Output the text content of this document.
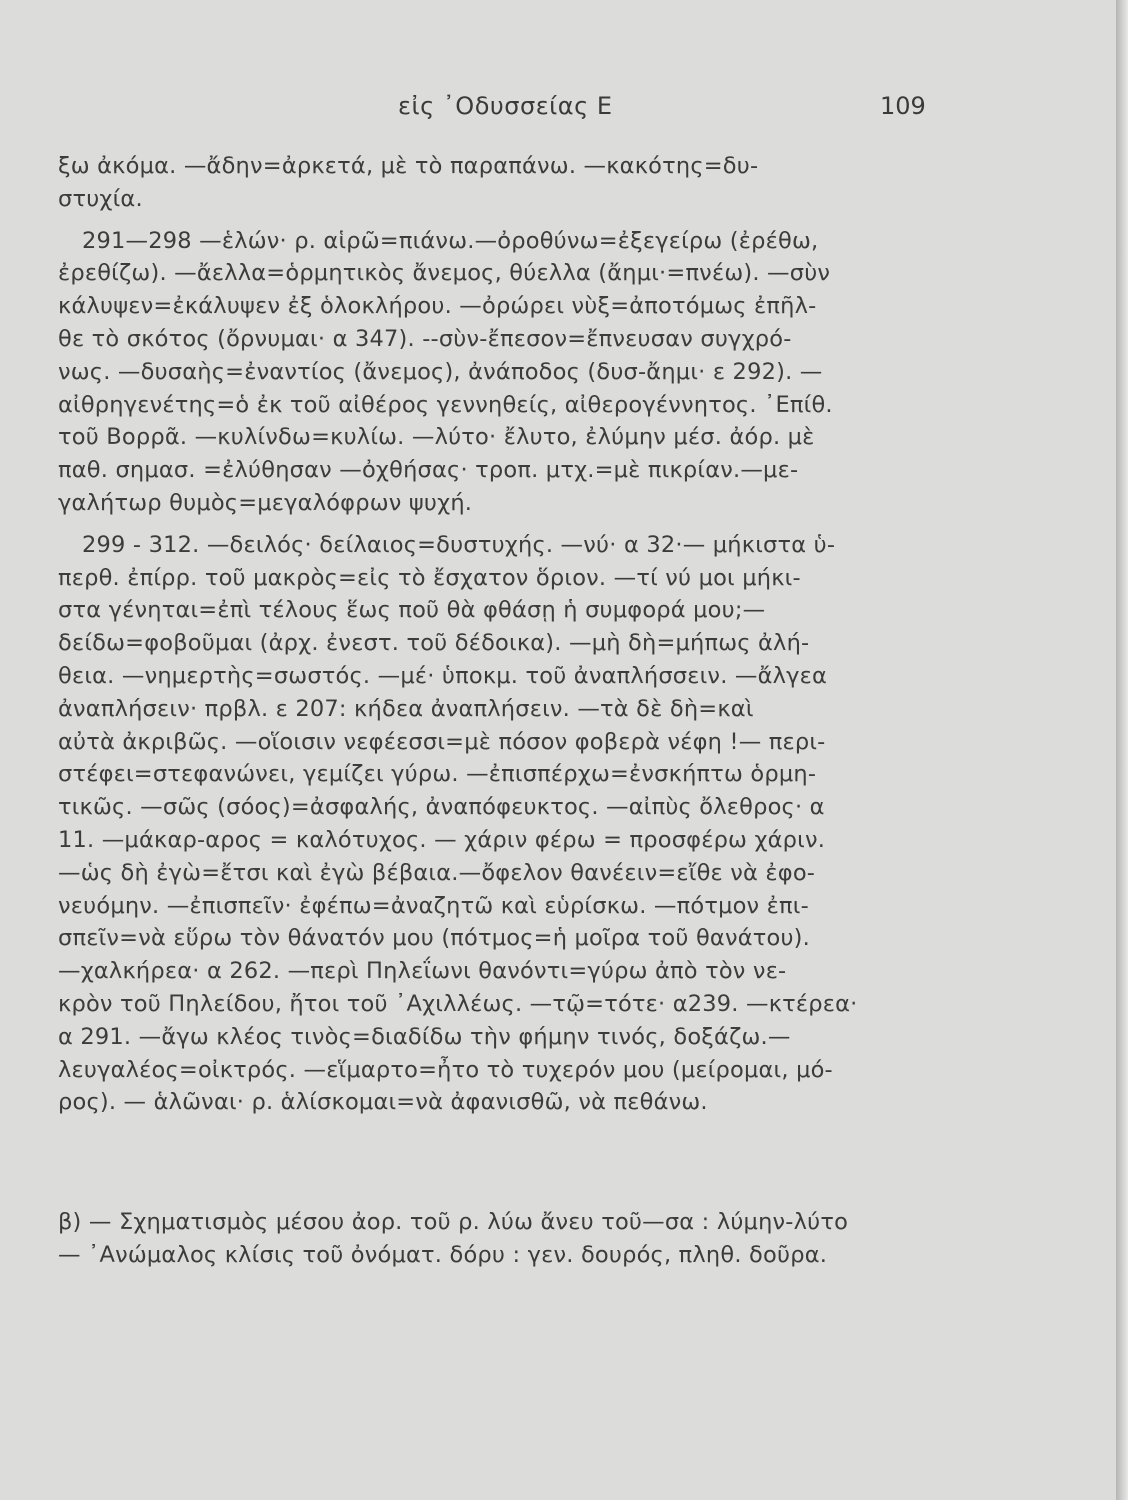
εἰς ᾿Οδυσσείας Ε	109
ξω ἀκόμα. —ἄδην=ἀρκετά, μὲ τὸ παραπάνω. —κακότης=δυ-
στυχία.
291—298 —ἑλών· ρ. αἱρῶ=πιάνω.—ὀροθύνω=ἐξεγείρω (ἐρέθω,
ἐρεθίζω). —ἄελλα=ὁρμητικὸς ἄνεμος, θύελλα (ἄημι·=πνέω). —σὺν
κάλυψεν=ἐκάλυψεν ἐξ ὁλοκλήρου. —ὀρώρει νὺξ=ἀποτόμως ἐπῆλ-
θε τὸ σκότος (ὄρνυμαι· α 347). --σὺν-ἔπεσον=ἔπνευσαν συγχρό-
νως. —δυσαὴς=ἐναντίος (ἄνεμος), ἀνάποδος (δυσ-ἄημι· ε 292). —
αἰθρηγενέτης=ὁ ἐκ τοῦ αἰθέρος γεννηθείς, αἰθερογέννητος. ᾿Επίθ.
τοῦ Βορρᾶ. —κυλίνδω=κυλίω. —λύτο· ἔλυτο, ἐλύμην μέσ. ἀόρ. μὲ
παθ. σημασ. =ἐλύθησαν —ὀχθήσας· τροπ. μτχ.=μὲ πικρίαν.—με-
γαλήτωρ θυμὸς=μεγαλόφρων ψυχή.
299 - 312. —δειλός· δείλαιος=δυστυχής. —νύ· α 32·— μήκιστα ὑ-
περθ. ἐπίρρ. τοῦ μακρὸς=εἰς τὸ ἔσχατον ὅριον. —τί νύ μοι μήκι-
στα γένηται=ἐπὶ τέλους ἕως ποῦ θὰ φθάσῃ ἡ συμφορά μου;—
δείδω=φοβοῦμαι (ἀρχ. ἐνεστ. τοῦ δέδοικα). —μὴ δὴ=μήπως ἀλή-
θεια. —νημερτὴς=σωστός. —μέ· ὑποκμ. τοῦ ἀναπλήσσειν. —ἄλγεα
ἀναπλήσειν· πρβλ. ε 207: κήδεα ἀναπλήσειν. —τὰ δὲ δὴ=καὶ
αὐτὰ ἀκριβῶς. —οἵοισιν νεφέεσσι=μὲ πόσον φοβερὰ νέφη !— περι-
στέφει=στεφανώνει, γεμίζει γύρω. —ἐπισπέρχω=ἐνσκήπτω ὁρμη-
τικῶς. —σῶς (σόος)=ἀσφαλής, ἀναπόφευκτος. —αἰπὺς ὄλεθρος· α
11. —μάκαρ-αρος = καλότυχος. — χάριν φέρω = προσφέρω χάριν.
—ὡς δὴ ἐγὼ=ἔτσι καὶ ἐγὼ βέβαια.—ὄφελον θανέειν=εἴθε νὰ ἐφο-
νευόμην. —ἐπισπεῖν· ἐφέπω=ἀναζητῶ καὶ εὑρίσκω. —πότμον ἐπι-
σπεῖν=νὰ εὕρω τὸν θάνατόν μου (πότμος=ἡ μοῖρα τοῦ θανάτου).
—χαλκήρεα· α 262. —περὶ Πηλεΐωνι θανόντι=γύρω ἀπὸ τὸν νε-
κρὸν τοῦ Πηλείδου, ἤτοι τοῦ ᾿Αχιλλέως. —τῷ=τότε· α239. —κτέρεα·
α 291. —ἄγω κλέος τινὸς=διαδίδω τὴν φήμην τινός, δοξάζω.—
λευγαλέος=οἰκτρός. —εἵμαρτο=ἦτο τὸ τυχερόν μου (μείρομαι, μό-
ρος). — ἁλῶναι· ρ. ἁλίσκομαι=νὰ ἀφανισθῶ, νὰ πεθάνω.
β) — Σχηματισμὸς μέσου ἀορ. τοῦ ρ. λύω ἄνευ τοῦ—σα : λύμην-λύτο
— ᾿Ανώμαλος κλίσις τοῦ ὀνόματ. δόρυ : γεν. δουρός, πληθ. δοῦρα.
